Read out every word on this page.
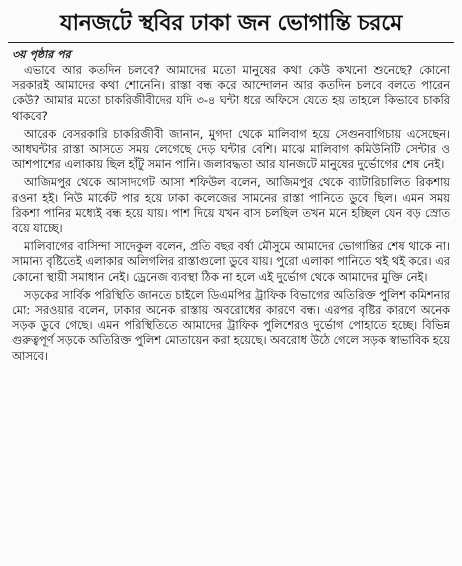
যানজটে স্থবির ঢাকা জন ভোগান্তি চরমে
৩য় পৃষ্ঠার পর

এভাবে আর কতদিন চলবে? আমাদের মতো মানুষের কথা কেউ কখনো শুনেছে? কোনো সরকারই আমাদের কথা শোনেনি। রাস্তা বন্ধ করে আন্দোলন আর কতদিন চলবে বলতে পারেন কেউ? আমার মতো চাকরিজীবীদের যদি ৩-৪ ঘন্টা ধরে অফিসে যেতে হয় তাহলে কিভাবে চাকরি থাকবে?

আরেক বেসরকারি চাকরিজীবী জানান, মুগদা থেকে মালিবাগ হয়ে সেগুনবাগিচায় এসেছেন। আধঘন্টার রাস্তা আসতে সময় লেগেছে দেড় ঘন্টার বেশি। মাঝে মালিবাগ কমিউনিটি সেন্টার ও আশপাশের এলাকায় ছিল হাঁটু সমান পানি। জলাবদ্ধতা আর যানজটে মানুষের দুর্ভোগের শেষ নেই।

আজিমপুর থেকে আসাদগেট আসা শফিউল বলেন, আজিমপুর থেকে ব্যাটারিচালিত রিকশায় রওনা হই। নিউ মার্কেট পার হয়ে ঢাকা কলেজের সামনের রাস্তা পানিতে ডুবে ছিল। এমন সময় রিকশা পানির মধ্যেই বন্ধ হয়ে যায়। পাশ দিয়ে যখন বাস চলছিল তখন মনে হচ্ছিল যেন বড় স্রোত বয়ে যাচ্ছে।

মালিবাগের বাসিন্দা সাদেকুল বলেন, প্রতি বছর বর্ষা মৌসুমে আমাদের ভোগান্তির শেষ থাকে না। সামান্য বৃষ্টিতেই এলাকার অলিগলির রাস্তাগুলো ডুবে যায়। পুরো এলাকা পানিতে থই থই করে। এর কোনো স্থায়ী সমাধান নেই। ড্রেনেজ ব্যবস্থা ঠিক না হলে এই দুর্ভোগ থেকে আমাদের মুক্তি নেই।

সড়কের সার্বিক পরিস্থিতি জানতে চাইলে ডিএমপির ট্রাফিক বিভাগের অতিরিক্ত পুলিশ কমিশনার মো: সরওয়ার বলেন, ঢাকার অনেক রাস্তায় অবরোধের কারণে বন্ধ। এরপর বৃষ্টির কারণে অনেক সড়ক ডুবে গেছে। এমন পরিস্থিতিতে আমাদের ট্রাফিক পুলিশেরও দুর্ভোগ পোহাতে হচ্ছে। বিভিন্ন গুরুত্বপূর্ণ সড়কে অতিরিক্ত পুলিশ মোতায়েন করা হয়েছে। অবরোধ উঠে গেলে সড়ক স্বাভাবিক হয়ে আসবে।
